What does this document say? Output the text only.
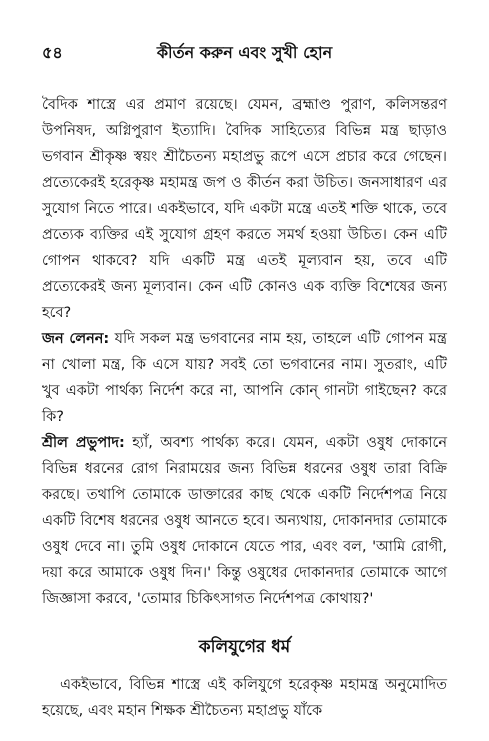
৫৪	কীর্তন করুন এবং সুখী হোন

বৈদিক শাস্ত্রে এর প্রমাণ রয়েছে। যেমন, ব্রহ্মাণ্ড পুরাণ, কলিসন্তরণ উপনিষদ, অগ্নিপুরাণ ইত্যাদি। বৈদিক সাহিত্যের বিভিন্ন মন্ত্র ছাড়াও ভগবান শ্রীকৃষ্ণ স্বয়ং শ্রীচৈতন্য মহাপ্রভু রূপে এসে প্রচার করে গেছেন। প্রত্যেকেরই হরেকৃষ্ণ মহামন্ত্র জপ ও কীর্তন করা উচিত। জনসাধারণ এর সুযোগ নিতে পারে। একইভাবে, যদি একটা মন্ত্রে এতই শক্তি থাকে, তবে প্রত্যেক ব্যক্তির এই সুযোগ গ্রহণ করতে সমর্থ হওয়া উচিত। কেন এটি গোপন থাকবে? যদি একটি মন্ত্র এতই মূল্যবান হয়, তবে এটি প্রত্যেকেরই জন্য মূল্যবান। কেন এটি কোনও এক ব্যক্তি বিশেষের জন্য হবে?

জন লেনন: যদি সকল মন্ত্র ভগবানের নাম হয়, তাহলে এটি গোপন মন্ত্র না খোলা মন্ত্র, কি এসে যায়? সবই তো ভগবানের নাম। সুতরাং, এটি খুব একটা পার্থক্য নির্দেশ করে না, আপনি কোন্ গানটা গাইছেন? করে কি?

শ্রীল প্রভুপাদ: হ্যাঁ, অবশ্য পার্থক্য করে। যেমন, একটা ওষুধ দোকানে বিভিন্ন ধরনের রোগ নিরাময়ের জন্য বিভিন্ন ধরনের ওষুধ তারা বিক্রি করছে। তথাপি তোমাকে ডাক্তারের কাছ থেকে একটি নির্দেশপত্র নিয়ে একটি বিশেষ ধরনের ওষুধ আনতে হবে। অন্যথায়, দোকানদার তোমাকে ওষুধ দেবে না। তুমি ওষুধ দোকানে যেতে পার, এবং বল, 'আমি রোগী, দয়া করে আমাকে ওষুধ দিন।' কিন্তু ওষুধের দোকানদার তোমাকে আগে জিজ্ঞাসা করবে, 'তোমার চিকিৎসাগত নির্দেশপত্র কোথায়?'

কলিযুগের ধর্ম

একইভাবে, বিভিন্ন শাস্ত্রে এই কলিযুগে হরেকৃষ্ণ মহামন্ত্র অনুমোদিত হয়েছে, এবং মহান শিক্ষক শ্রীচৈতন্য মহাপ্রভু যাঁকে
